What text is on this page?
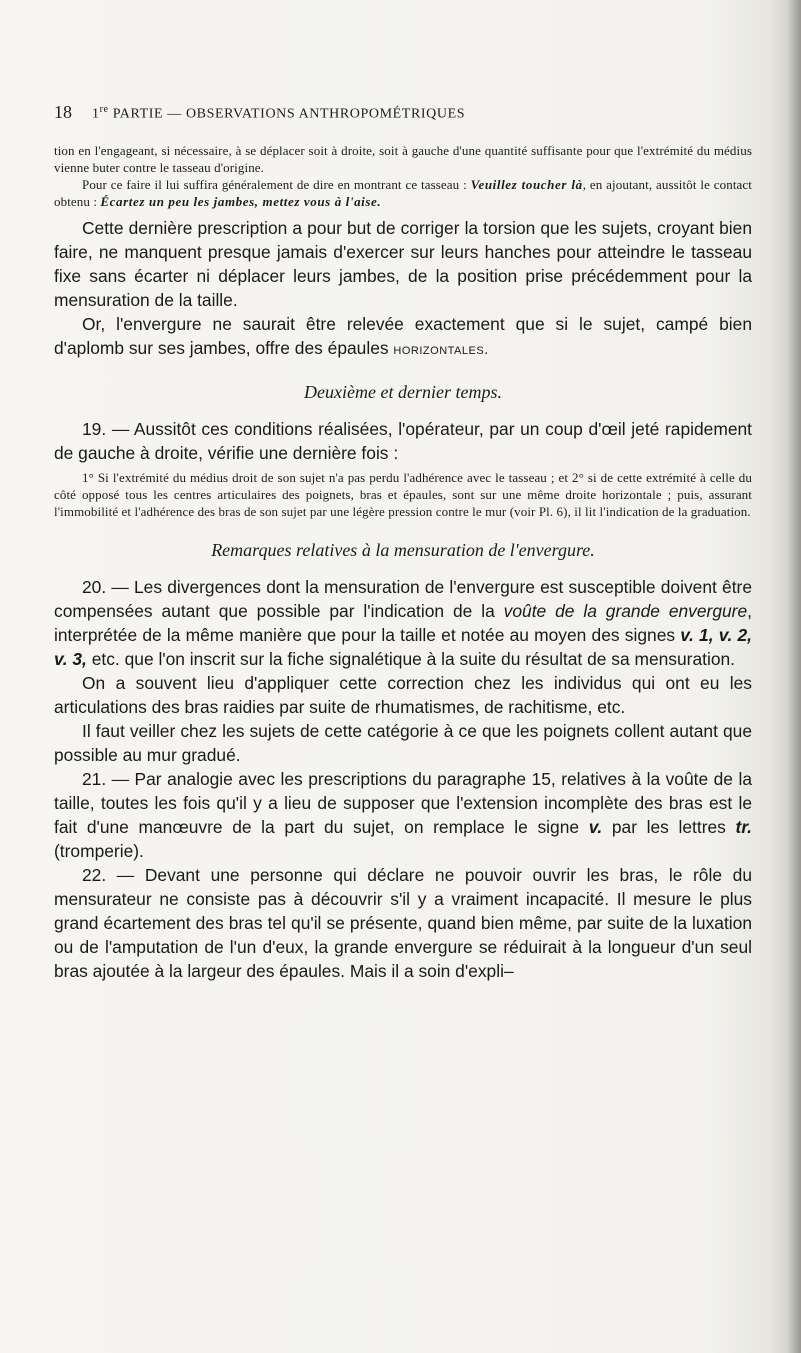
18 1re PARTIE — OBSERVATIONS ANTHROPOMÉTRIQUES

tion en l'engageant, si nécessaire, à se déplacer soit à droite, soit à gauche d'une quantité suffisante pour que l'extrémité du médius vienne buter contre le tasseau d'origine.

Pour ce faire il lui suffira généralement de dire en montrant ce tasseau : Veuillez toucher là, en ajoutant, aussitôt le contact obtenu : Écartez un peu les jambes, mettez vous à l'aise.

Cette dernière prescription a pour but de corriger la torsion que les sujets, croyant bien faire, ne manquent presque jamais d'exercer sur leurs hanches pour atteindre le tasseau fixe sans écarter ni déplacer leurs jambes, de la position prise précédemment pour la mensuration de la taille.

Or, l'envergure ne saurait être relevée exactement que si le sujet, campé bien d'aplomb sur ses jambes, offre des épaules horizontales.

Deuxième et dernier temps.

19. — Aussitôt ces conditions réalisées, l'opérateur, par un coup d'œil jeté rapidement de gauche à droite, vérifie une dernière fois :

1° Si l'extrémité du médius droit de son sujet n'a pas perdu l'adhérence avec le tasseau ; et 2° si de cette extrémité à celle du côté opposé tous les centres articulaires des poignets, bras et épaules, sont sur une même droite horizontale ; puis, assurant l'immobilité et l'adhérence des bras de son sujet par une légère pression contre le mur (voir Pl. 6), il lit l'indication de la graduation.

Remarques relatives à la mensuration de l'envergure.

20. — Les divergences dont la mensuration de l'envergure est susceptible doivent être compensées autant que possible par l'indication de la voûte de la grande envergure, interprétée de la même manière que pour la taille et notée au moyen des signes v. 1, v. 2, v. 3, etc. que l'on inscrit sur la fiche signalétique à la suite du résultat de sa mensuration.

On a souvent lieu d'appliquer cette correction chez les individus qui ont eu les articulations des bras raidies par suite de rhumatismes, de rachitisme, etc.

Il faut veiller chez les sujets de cette catégorie à ce que les poignets collent autant que possible au mur gradué.

21. — Par analogie avec les prescriptions du paragraphe 15, relatives à la voûte de la taille, toutes les fois qu'il y a lieu de supposer que l'extension incomplète des bras est le fait d'une manœuvre de la part du sujet, on remplace le signe v. par les lettres tr. (tromperie).

22. — Devant une personne qui déclare ne pouvoir ouvrir les bras, le rôle du mensurateur ne consiste pas à découvrir s'il y a vraiment incapacité. Il mesure le plus grand écartement des bras tel qu'il se présente, quand bien même, par suite de la luxation ou de l'amputation de l'un d'eux, la grande envergure se réduirait à la longueur d'un seul bras ajoutée à la largeur des épaules. Mais il a soin d'expli–
